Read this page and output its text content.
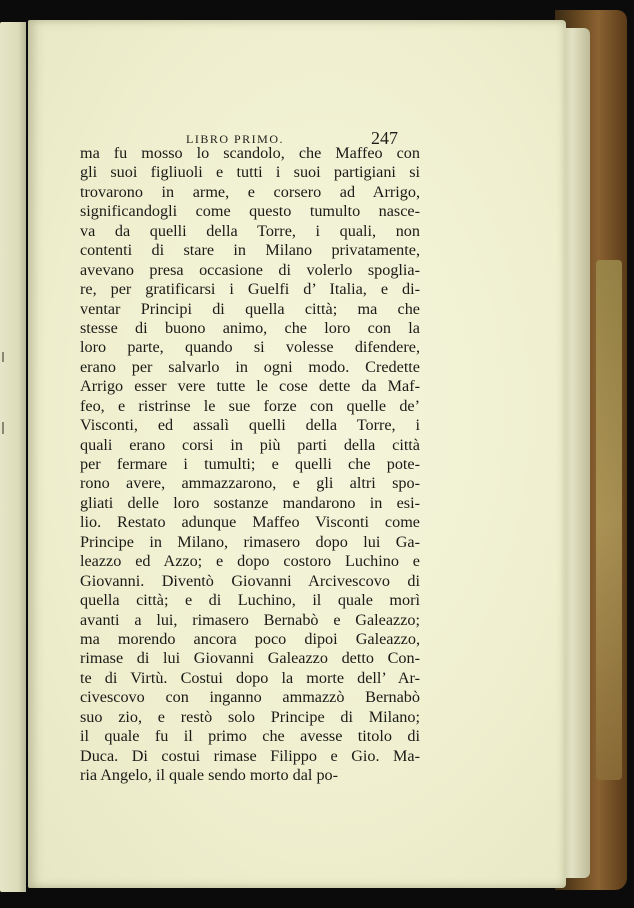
LIBRO PRIMO.	247
ma fu mosso lo scandolo, che Maffeo con
gli suoi figliuoli e tutti i suoi partigiani si
trovarono in arme, e corsero ad Arrigo,
significandogli come questo tumulto nasce-
va da quelli della Torre, i quali, non
contenti di stare in Milano privatamente,
avevano presa occasione di volerlo spoglia-
re, per gratificarsi i Guelfi d’ Italia, e di-
ventar Principi di quella città; ma che
stesse di buono animo, che loro con la
loro parte, quando si volesse difendere,
erano per salvarlo in ogni modo. Credette
Arrigo esser vere tutte le cose dette da Maf-
feo, e ristrinse le sue forze con quelle de’
Visconti, ed assalì quelli della Torre, i
quali erano corsi in più parti della città
per fermare i tumulti; e quelli che pote-
rono avere, ammazzarono, e gli altri spo-
gliati delle loro sostanze mandarono in esi-
lio. Restato adunque Maffeo Visconti come
Principe in Milano, rimasero dopo lui Ga-
leazzo ed Azzo; e dopo costoro Luchino e
Giovanni. Diventò Giovanni Arcivescovo di
quella città; e di Luchino, il quale morì
avanti a lui, rimasero Bernabò e Galeazzo;
ma morendo ancora poco dipoi Galeazzo,
rimase di lui Giovanni Galeazzo detto Con-
te di Virtù. Costui dopo la morte dell’ Ar-
civescovo con inganno ammazzò Bernabò
suo zio, e restò solo Principe di Milano;
il quale fu il primo che avesse titolo di
Duca. Di costui rimase Filippo e Gio. Ma-
ria Angelo, il quale sendo morto dal po-
